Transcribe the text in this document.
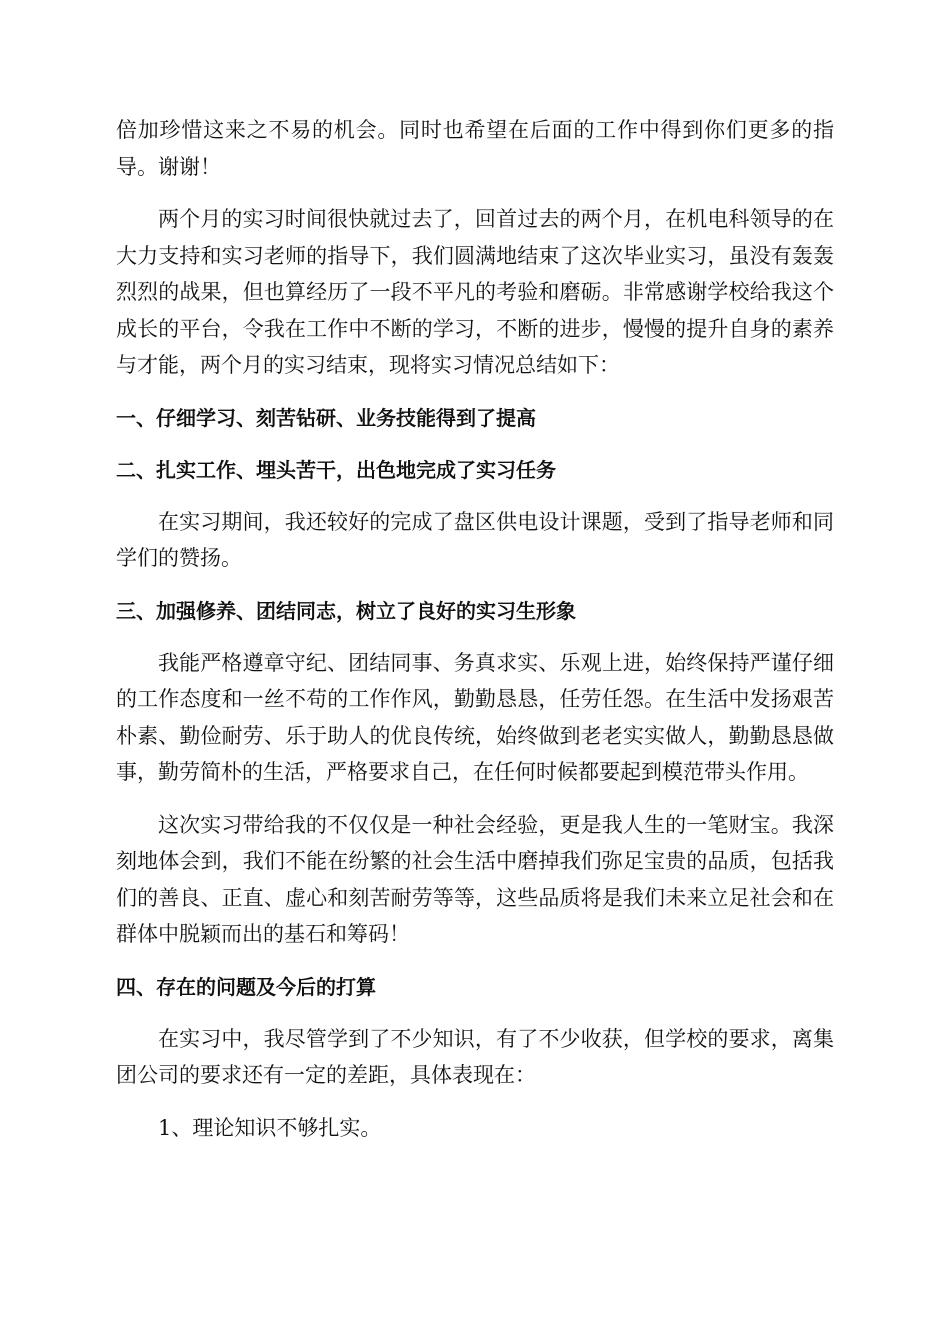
倍加珍惜这来之不易的机会。同时也希望在后面的工作中得到你们更多的指导。谢谢！

两个月的实习时间很快就过去了，回首过去的两个月，在机电科领导的在大力支持和实习老师的指导下，我们圆满地结束了这次毕业实习，虽没有轰轰烈烈的战果，但也算经历了一段不平凡的考验和磨砺。非常感谢学校给我这个成长的平台，令我在工作中不断的学习，不断的进步，慢慢的提升自身的素养与才能，两个月的实习结束，现将实习情况总结如下：

一、仔细学习、刻苦钻研、业务技能得到了提高
二、扎实工作、埋头苦干，出色地完成了实习任务

在实习期间，我还较好的完成了盘区供电设计课题，受到了指导老师和同学们的赞扬。

三、加强修养、团结同志，树立了良好的实习生形象

我能严格遵章守纪、团结同事、务真求实、乐观上进，始终保持严谨仔细的工作态度和一丝不苟的工作作风，勤勤恳恳，任劳任怨。在生活中发扬艰苦朴素、勤俭耐劳、乐于助人的优良传统，始终做到老老实实做人，勤勤恳恳做事，勤劳简朴的生活，严格要求自己，在任何时候都要起到模范带头作用。

这次实习带给我的不仅仅是一种社会经验，更是我人生的一笔财宝。我深刻地体会到，我们不能在纷繁的社会生活中磨掉我们弥足宝贵的品质，包括我们的善良、正直、虚心和刻苦耐劳等等，这些品质将是我们未来立足社会和在群体中脱颖而出的基石和筹码！

四、存在的问题及今后的打算

在实习中，我尽管学到了不少知识，有了不少收获，但学校的要求，离集团公司的要求还有一定的差距，具体表现在：

1、理论知识不够扎实。
